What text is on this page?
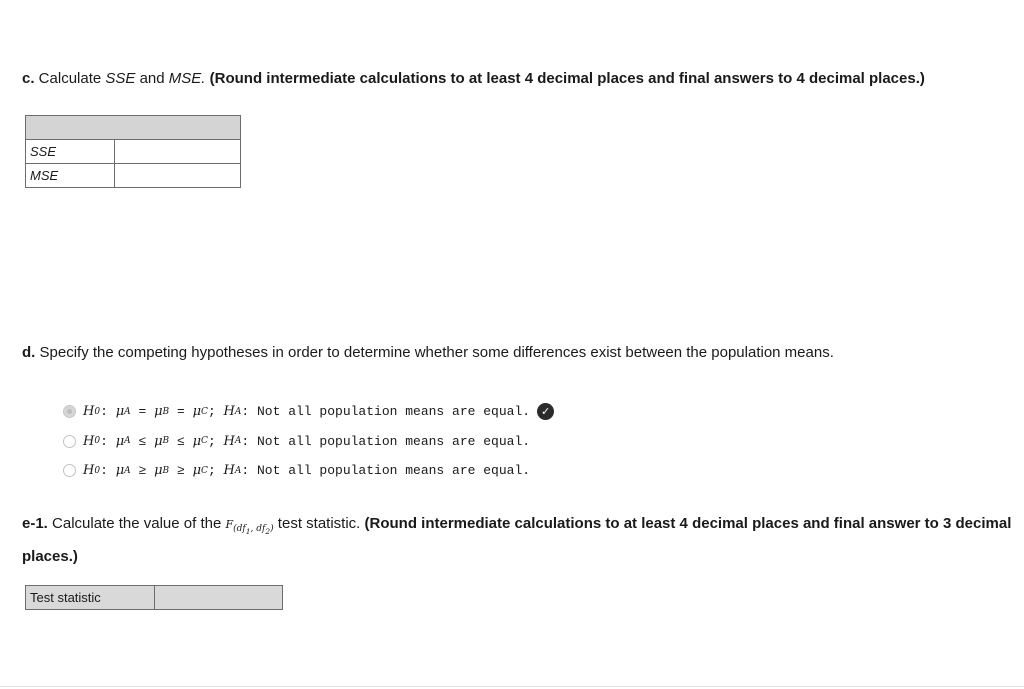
c. Calculate SSE and MSE. (Round intermediate calculations to at least 4 decimal places and final answers to 4 decimal places.)

SSE	
MSE	
d. Specify the competing hypotheses in order to determine whether some differences exist between the population means.
H 0 : μ A
=
μ B
=
μ C ; H A : Not all population means are equal. ✓
H 0 : μ A
≤
μ B
≤
μ C ; H A : Not all population means are equal.
H 0 : μ A
≥
μ B
≥
μ C ; H A : Not all population means are equal.
e-1. Calculate the value of the $F_{(df_1, df_2)}$ test statistic. (Round intermediate calculations to at least 4 decimal places and final answer to 3 decimal places.)
Test statistic	
